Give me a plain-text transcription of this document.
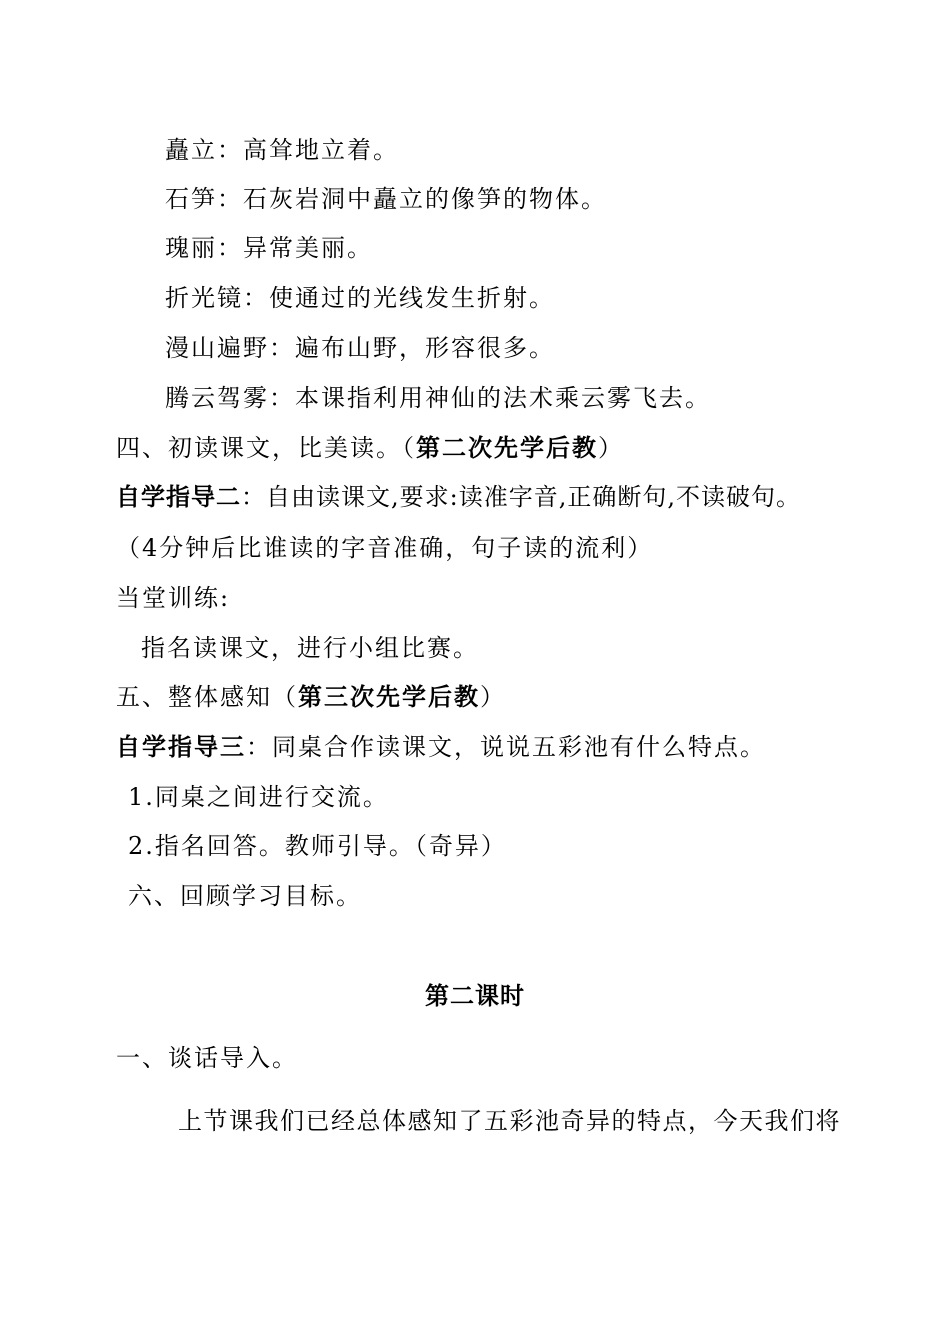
矗立：高耸地立着。
石笋：石灰岩洞中矗立的像笋的物体。
瑰丽：异常美丽。
折光镜：使通过的光线发生折射。
漫山遍野：遍布山野，形容很多。
腾云驾雾：本课指利用神仙的法术乘云雾飞去。
四、初读课文，比美读。（第二次先学后教）
自学指导二：自由读课文,要求:读准字音,正确断句,不读破句。
（4分钟后比谁读的字音准确，句子读的流利）
当堂训练:
指名读课文，进行小组比赛。
五、整体感知（第三次先学后教）
自学指导三：同桌合作读课文，说说五彩池有什么特点。
1.同桌之间进行交流。
2.指名回答。教师引导。（奇异）
六、回顾学习目标。
第二课时
一、谈话导入。
上节课我们已经总体感知了五彩池奇异的特点，今天我们将
